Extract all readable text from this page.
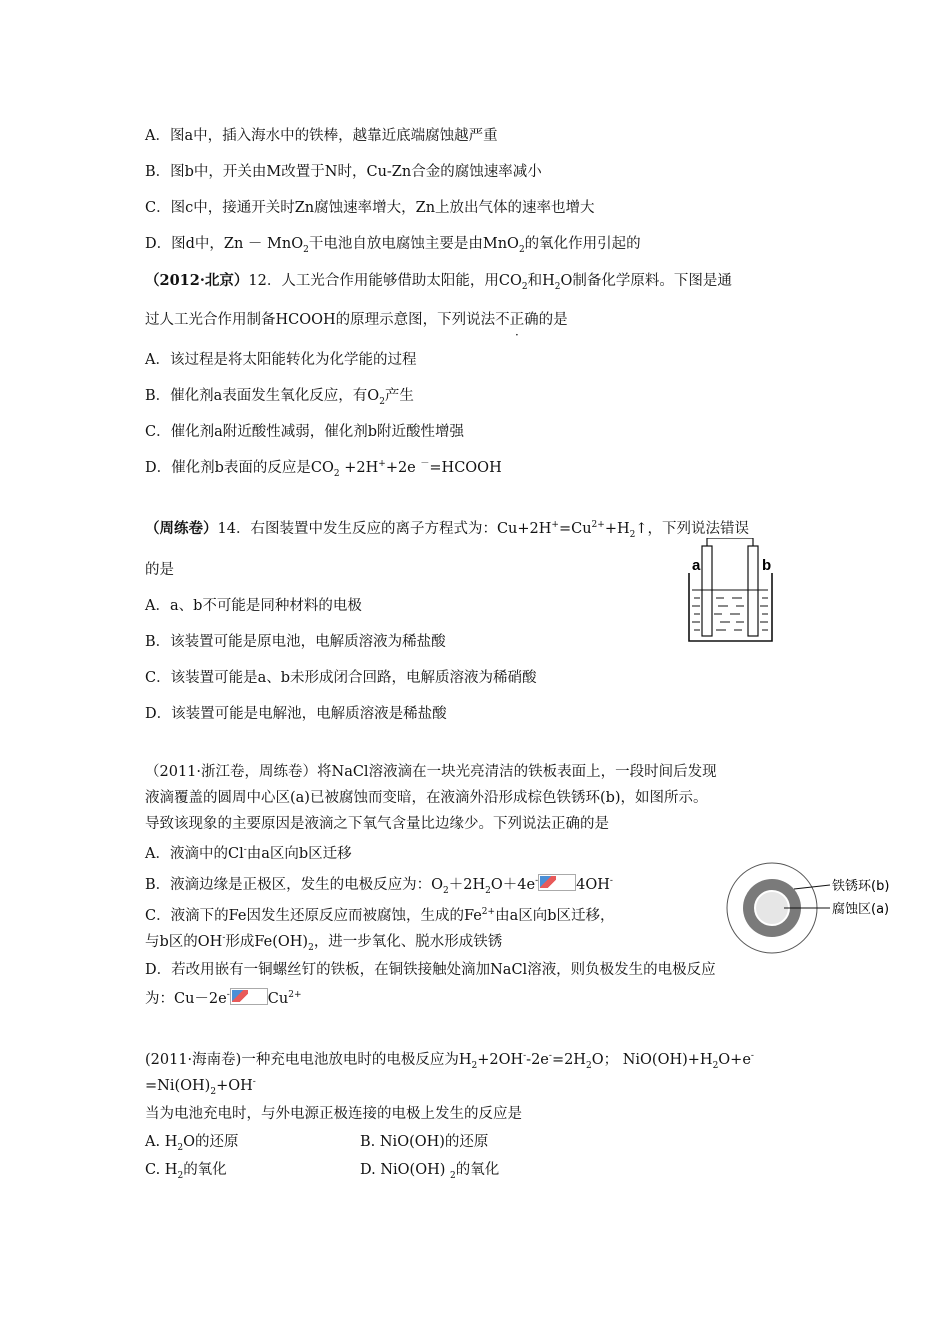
A．图a中，插入海水中的铁棒，越靠近底端腐蚀越严重
B．图b中，开关由M改置于N时，Cu-Zn合金的腐蚀速率减小
C．图c中，接通开关时Zn腐蚀速率增大，Zn上放出气体的速率也增大
D．图d中，Zn － MnO$_2$干电池自放电腐蚀主要是由MnO$_2$的氧化作用引起的
（2012·北京）12．人工光合作用能够借助太阳能，用$CO_2$和$H_2O$制备化学原料。下图是通
过人工光合作用制备HCOOH的原理示意图，下列说法不正确的是
A．该过程是将太阳能转化为化学能的过程
B．催化剂a表面发生氧化反应，有$O_2$产生
C．催化剂a附近酸性减弱，催化剂b附近酸性增强
D．催化剂b表面的反应是$CO_2 +2H^++2e$ －=HCOOH
（周练卷）14．右图装置中发生反应的离子方程式为：$Cu+2H^+=Cu^{2+}+H_2↑$，下列说法错误
的是
A．a、b不可能是同种材料的电极
B．该装置可能是原电池，电解质溶液为稀盐酸
C．该装置可能是a、b未形成闭合回路，电解质溶液为稀硝酸
D．该装置可能是电解池，电解质溶液是稀盐酸
a	b
（2011·浙江卷，周练卷）将NaCl溶液滴在一块光亮清洁的铁板表面上，一段时间后发现
液滴覆盖的圆周中心区(a)已被腐蚀而变暗，在液滴外沿形成棕色铁锈环(b)，如图所示。
导致该现象的主要原因是液滴之下氧气含量比边缘少。下列说法正确的是
A．液滴中的Cl-由a区向b区迁移
B．液滴边缘是正极区，发生的电极反应为：$O_2+2H_2O+4e^-$	4OH-
C．液滴下的Fe因发生还原反应而被腐蚀，生成的$Fe^{2+}$由a区向b区迁移，
与b区的OH-形成$Fe(OH)_2$，进一步氧化、脱水形成铁锈
D．若改用嵌有一铜螺丝钉的铁板，在铜铁接触处滴加NaCl溶液，则负极发生的电极反应
为：Cu－2e-	$Cu^{2+}$
铁锈环(b)
腐蚀区(a)
(2011·海南卷)一种充电电池放电时的电极反应为$H_2+2OH^--2e^-=2H_2O$； $NiO(OH)+H_2O+e^-$
$=Ni(OH)_2+OH^-$
当为电池充电时，与外电源正极连接的电极上发生的反应是
A. $H_2O$的还原	B. NiO(OH)的还原
C. $H_2$的氧化	D. NiO(OH) $_2$的氧化
